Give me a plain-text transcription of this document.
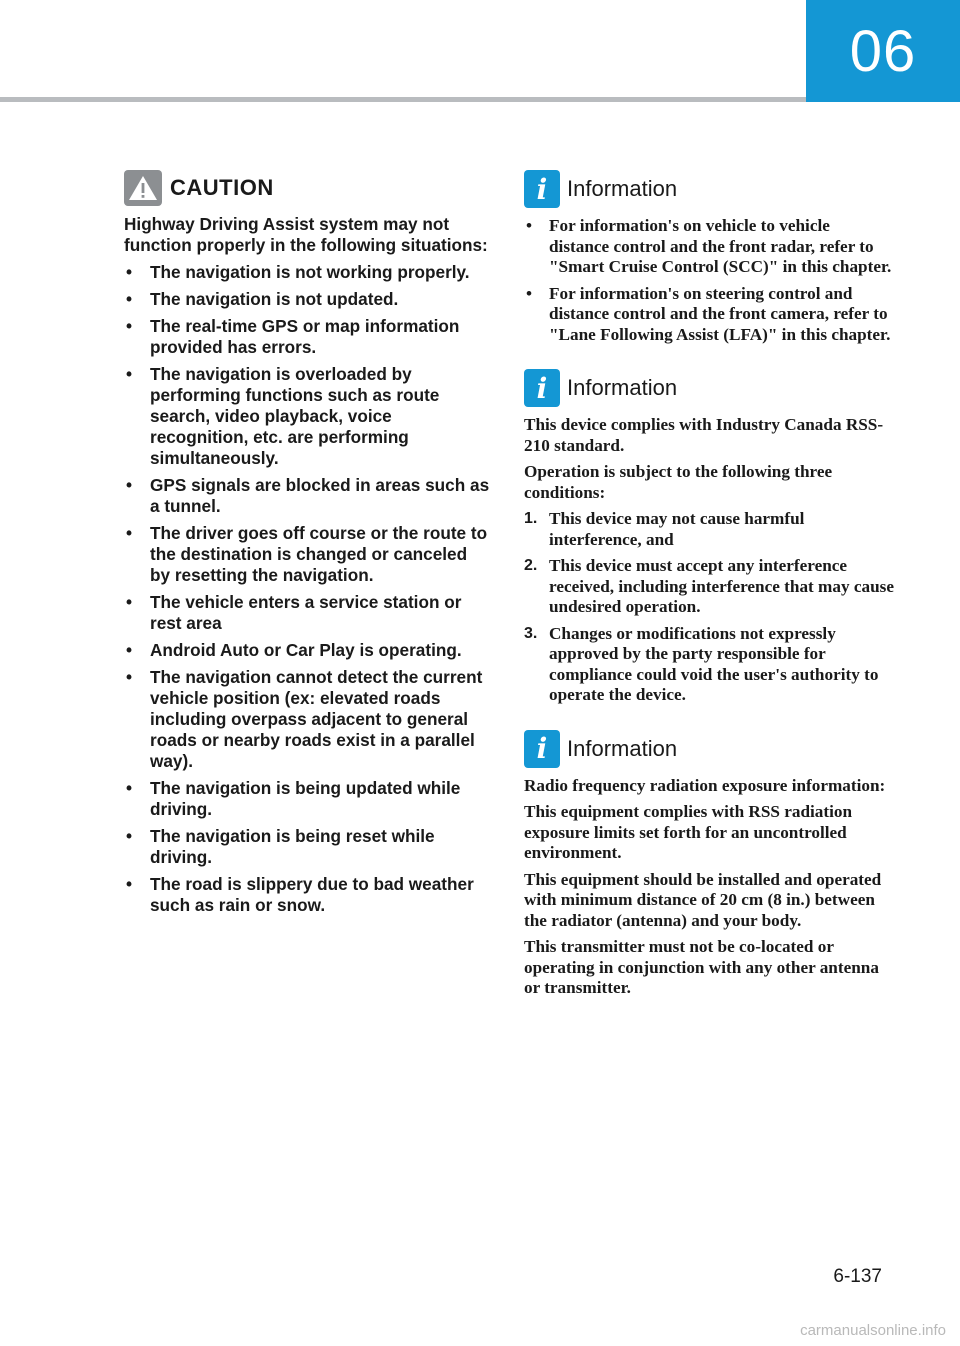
06
CAUTION

Highway Driving Assist system may not function properly in the following situations:

• The navigation is not working properly.
• The navigation is not updated.
• The real-time GPS or map information provided has errors.
• The navigation is overloaded by performing functions such as route search, video playback, voice recognition, etc. are performing simultaneously.
• GPS signals are blocked in areas such as a tunnel.
• The driver goes off course or the route to the destination is changed or canceled by resetting the navigation.
• The vehicle enters a service station or rest area
• Android Auto or Car Play is operating.
• The navigation cannot detect the current vehicle position (ex: elevated roads including overpass adjacent to general roads or nearby roads exist in a parallel way).
• The navigation is being updated while driving.
• The navigation is being reset while driving.
• The road is slippery due to bad weather such as rain or snow.
i Information
• For information's on vehicle to vehicle distance control and the front radar, refer to "Smart Cruise Control (SCC)" in this chapter.
• For information's on steering control and distance control and the front camera, refer to "Lane Following Assist (LFA)" in this chapter.
i Information

This device complies with Industry Canada RSS-210 standard.

Operation is subject to the following three conditions:

1. This device may not cause harmful interference, and
2. This device must accept any interference received, including interference that may cause undesired operation.
3. Changes or modifications not expressly approved by the party responsible for compliance could void the user's authority to operate the device.
i Information

Radio frequency radiation exposure information:

This equipment complies with RSS radiation exposure limits set forth for an uncontrolled environment.

This equipment should be installed and operated with minimum distance of 20 cm (8 in.) between the radiator (antenna) and your body.

This transmitter must not be co-located or operating in conjunction with any other antenna or transmitter.

6-137
carmanualsonline.info
